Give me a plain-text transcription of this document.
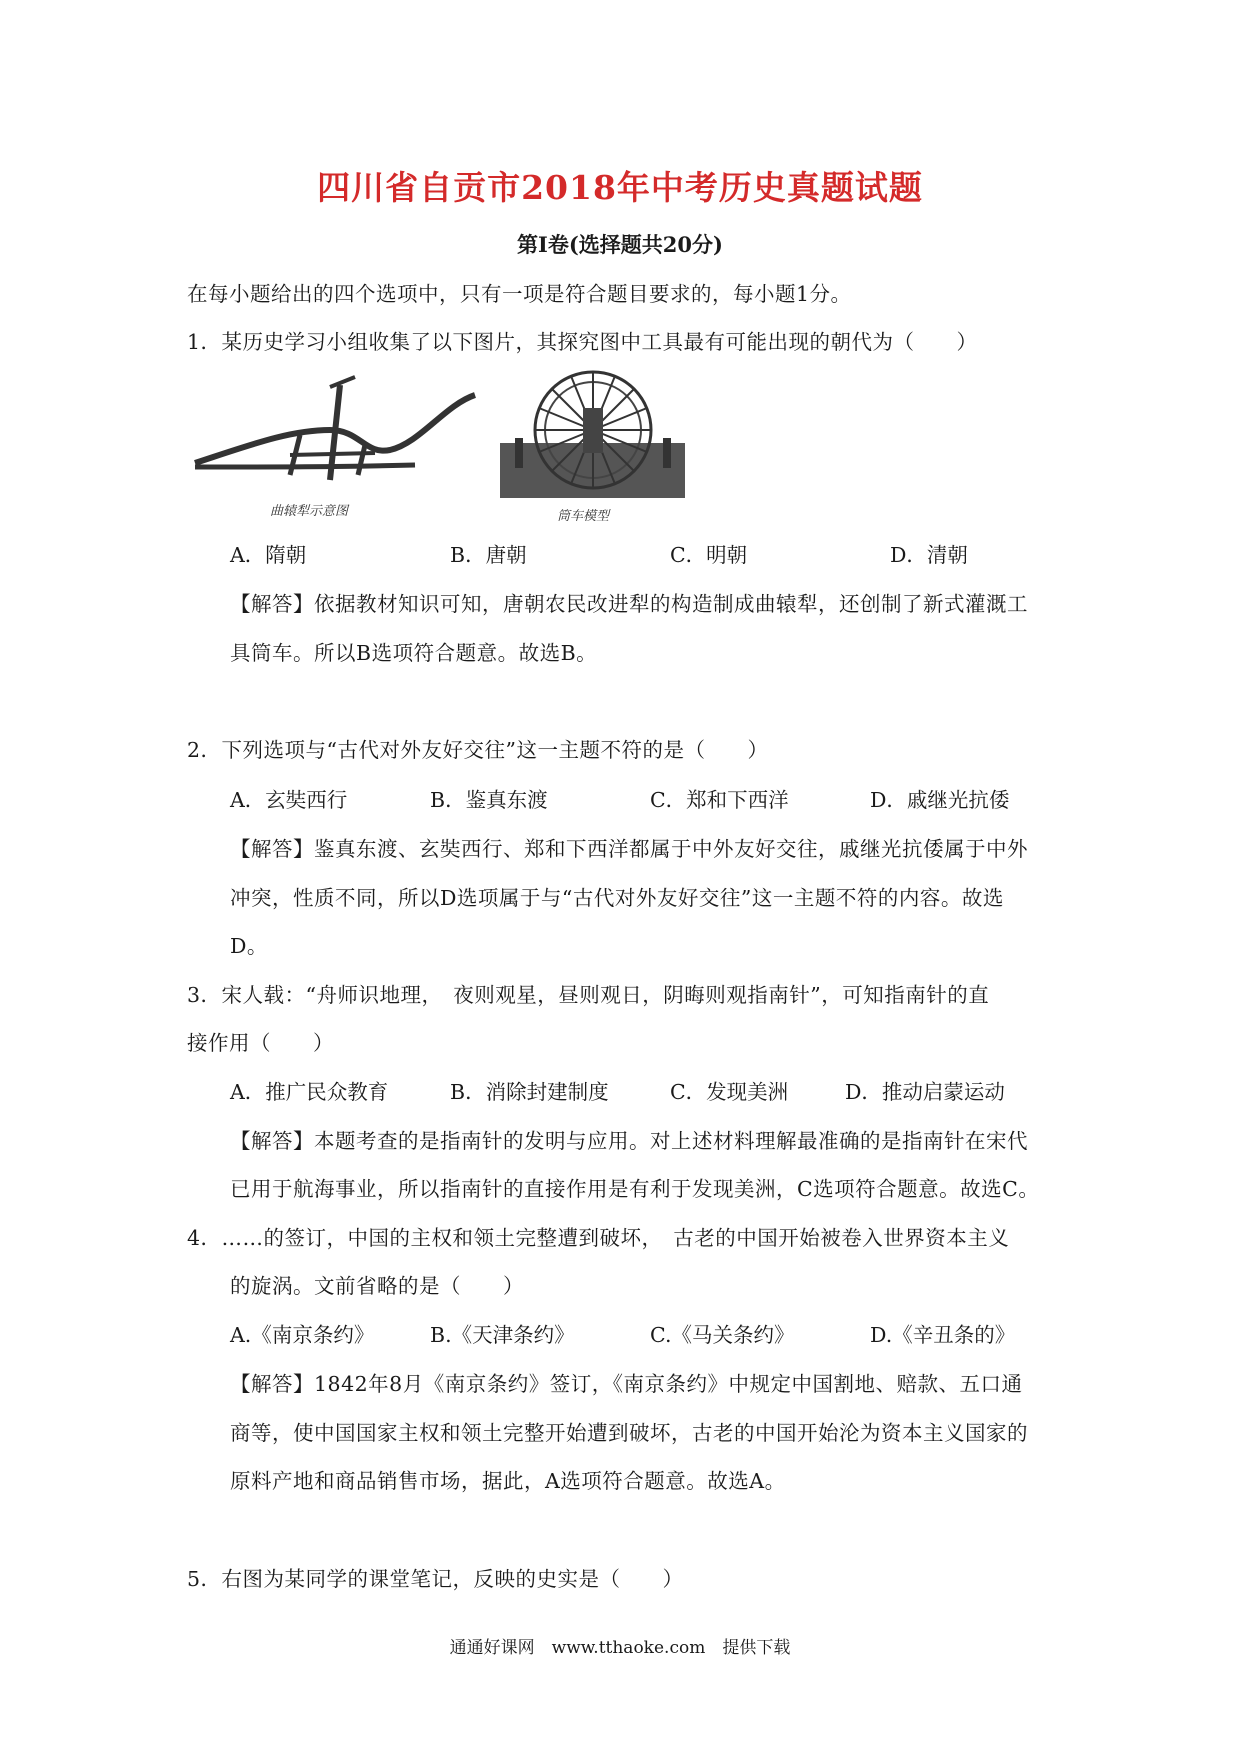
四川省自贡市2018年中考历史真题试题
第Ⅰ卷(选择题共20分)
在每小题给出的四个选项中，只有一项是符合题目要求的，每小题1分。
1．某历史学习小组收集了以下图片，其探究图中工具最有可能出现的朝代为（　　）
曲辕犁示意图	筒车模型
A．隋朝	B．唐朝	C．明朝	D．清朝
【解答】依据教材知识可知，唐朝农民改进犁的构造制成曲辕犁，还创制了新式灌溉工
具筒车。所以B选项符合题意。故选B。
2．下列选项与“古代对外友好交往”这一主题不符的是（　　）
A．玄奘西行	B．鉴真东渡	C．郑和下西洋	D．戚继光抗倭
【解答】鉴真东渡、玄奘西行、郑和下西洋都属于中外友好交往，戚继光抗倭属于中外
冲突，性质不同，所以D选项属于与“古代对外友好交往”这一主题不符的内容。故选
D。
3．宋人载：“舟师识地理，　夜则观星，昼则观日，阴晦则观指南针”，可知指南针的直
接作用（　　）
A．推广民众教育	B．消除封建制度	C．发现美洲	D．推动启蒙运动
【解答】本题考查的是指南针的发明与应用。对上述材料理解最准确的是指南针在宋代
已用于航海事业，所以指南针的直接作用是有利于发现美洲，C选项符合题意。故选C。
4．……的签订，中国的主权和领土完整遭到破坏，　古老的中国开始被卷入世界资本主义
的旋涡。文前省略的是（　　）
A.《南京条约》	B.《天津条约》	C.《马关条约》	D.《辛丑条的》
【解答】1842年8月《南京条约》签订，《南京条约》中规定中国割地、赔款、五口通
商等，使中国国家主权和领土完整开始遭到破坏，古老的中国开始沦为资本主义国家的
原料产地和商品销售市场，据此，A选项符合题意。故选A。
5．右图为某同学的课堂笔记，反映的史实是（　　）
通通好课网　www.tthaoke.com　提供下载
